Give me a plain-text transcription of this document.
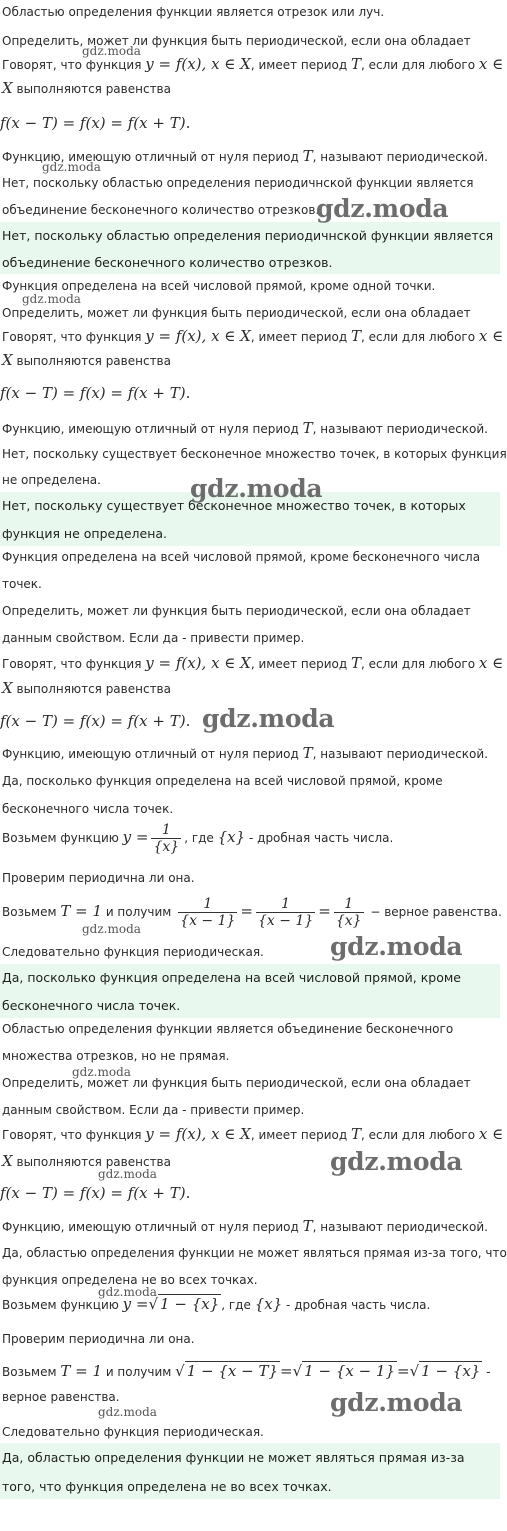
Областью определения функции является отрезок или луч.
Определить, может ли функция быть периодической, если она обладает
Говорят, что функция y = f(x), x ∈ X, имеет период T, если для любого x ∈
X выполняются равенства
f(x − T) = f(x) = f(x + T).
Функцию, имеющую отличный от нуля период T, называют периодической.
Нет, поскольку областью определения периодичнской функции является
объединение бесконечного количество отрезков.
Нет, поскольку областью определения периодичнской функции является
объединение бесконечного количество отрезков.
Функция определена на всей числовой прямой, кроме одной точки.
Определить, может ли функция быть периодической, если она обладает
Говорят, что функция y = f(x), x ∈ X, имеет период T, если для любого x ∈
X выполняются равенства
f(x − T) = f(x) = f(x + T).
Функцию, имеющую отличный от нуля период T, называют периодической.
Нет, поскольку существует бесконечное множество точек, в которых функция
не определена.
Нет, поскольку существует бесконечное множество точек, в которых
функция не определена.
Функция определена на всей числовой прямой, кроме бесконечного числа
точек.
Определить, может ли функция быть периодической, если она обладает
данным свойством. Если да - привести пример.
Говорят, что функция y = f(x), x ∈ X, имеет период T, если для любого x ∈
X выполняются равенства
f(x − T) = f(x) = f(x + T).
Функцию, имеющую отличный от нуля период T, называют периодической.
Да, посколько функция определена на всей числовой прямой, кроме
бесконечного числа точек.
Возьмем функцию $y = \frac{1}{\{x\}}$ , где {x} - дробная часть числа.
Проверим периодична ли она.
Возьмем T = 1 и получим $\frac{1}{\{x - 1\}} = \frac{1}{\{x - 1\}} = \frac{1}{\{x\}}$ − верное равенства.
Следовательно функция периодическая.
Да, посколько функция определена на всей числовой прямой, кроме
бесконечного числа точек.
Областью определения функции является объединение бесконечного
множества отрезков, но не прямая.
Определить, может ли функция быть периодической, если она обладает
данным свойством. Если да - привести пример.
Говорят, что функция y = f(x), x ∈ X, имеет период T, если для любого x ∈
X выполняются равенства
f(x − T) = f(x) = f(x + T).
Функцию, имеющую отличный от нуля период T, называют периодической.
Да, областью определения функции не может являться прямая из-за того, что
функция определена не во всех точках.
Возьмем функцию y =√ 1 − {x} , где {x} - дробная часть числа.
Проверим периодична ли она.
Возьмем T = 1 и получим √ 1 − {x − T} =√ 1 − {x − 1} =√ 1 − {x} -
верное равенства.
Следовательно функция периодическая.
Да, областью определения функции не может являться прямая из-за
того, что функция определена не во всех точках.
gdz.moda
gdz.moda
gdz.moda
gdz.moda
gdz.moda
gdz.moda
gdz.moda
gdz.moda
gdz.moda
gdz.moda
gdz.moda
gdz.moda
gdz.moda
gdz.moda
